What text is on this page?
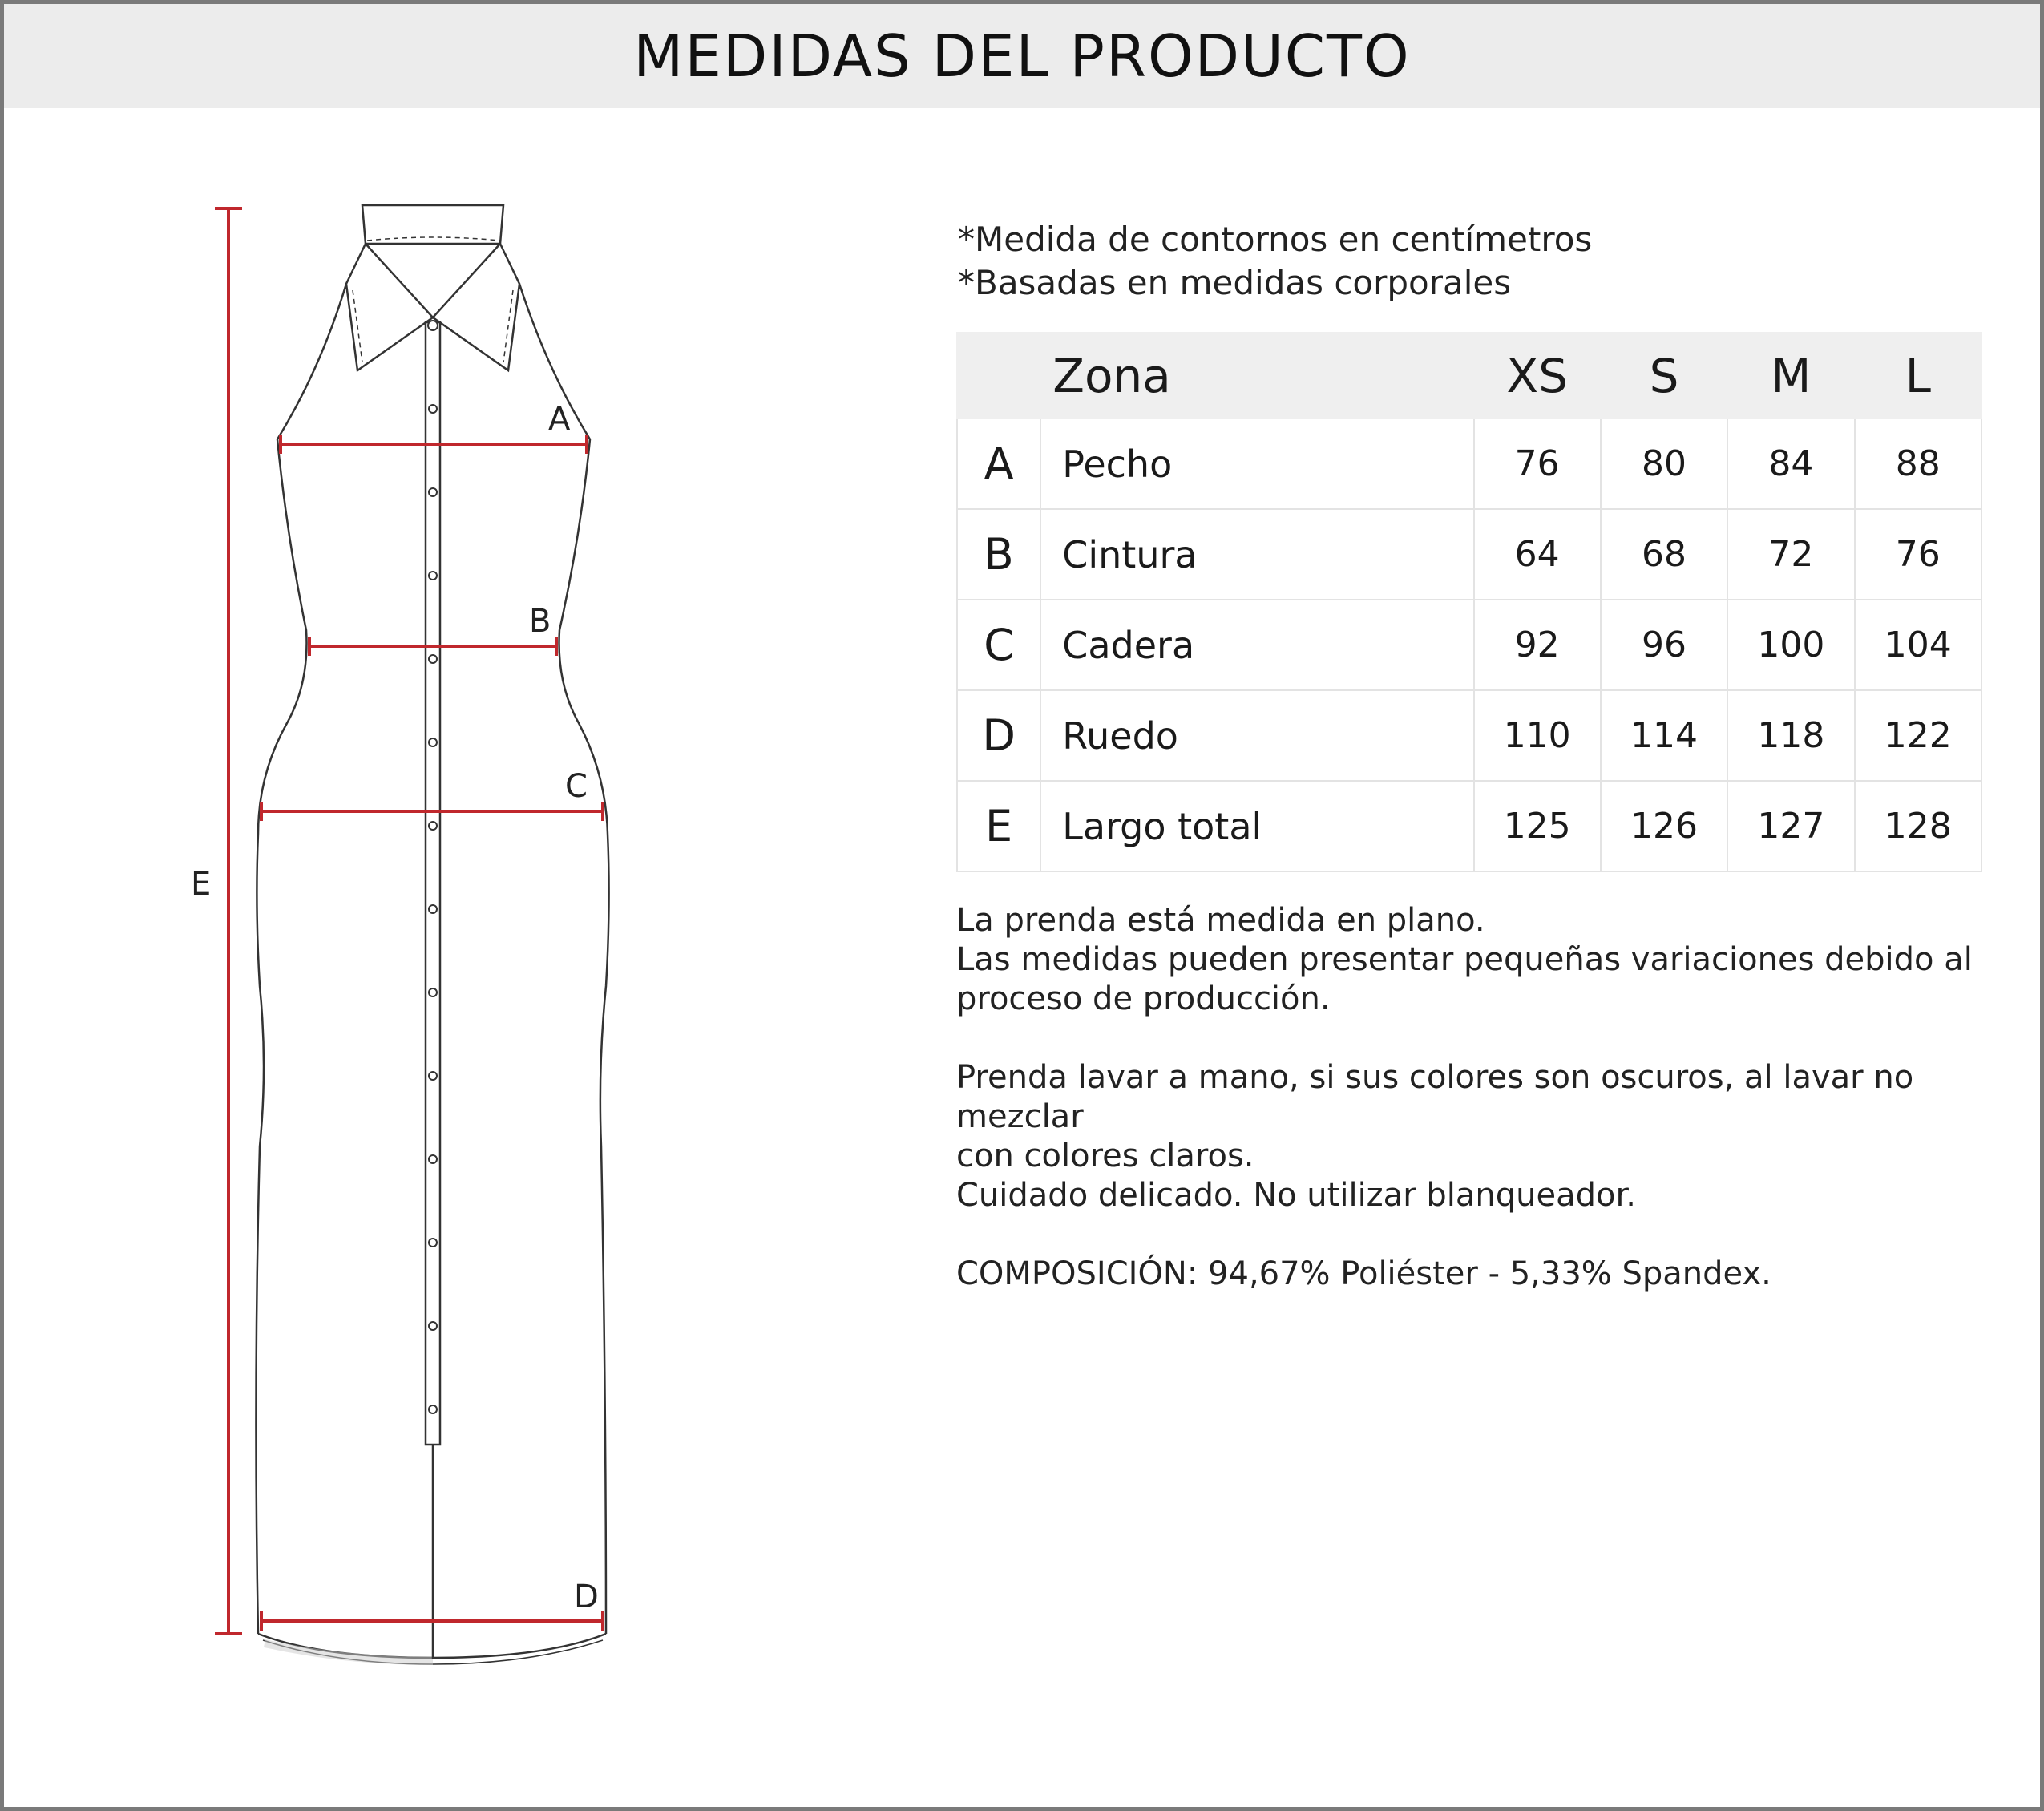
MEDIDAS DEL PRODUCTO
E
A
B
C
D
*Medida de contornos en centímetros
*Basadas en medidas corporales
	Zona	XS	S	M	L
A	Pecho	76	80	84	88
B	Cintura	64	68	72	76
C	Cadera	92	96	100	104
D	Ruedo	110	114	118	122
E	Largo total	125	126	127	128

La prenda está medida en plano.
Las medidas pueden presentar pequeñas variaciones debido al
proceso de producción.

Prenda lavar a mano, si sus colores son oscuros, al lavar no mezclar
con colores claros.
Cuidado delicado. No utilizar blanqueador.

COMPOSICIÓN: 94,67% Poliéster - 5,33% Spandex.
